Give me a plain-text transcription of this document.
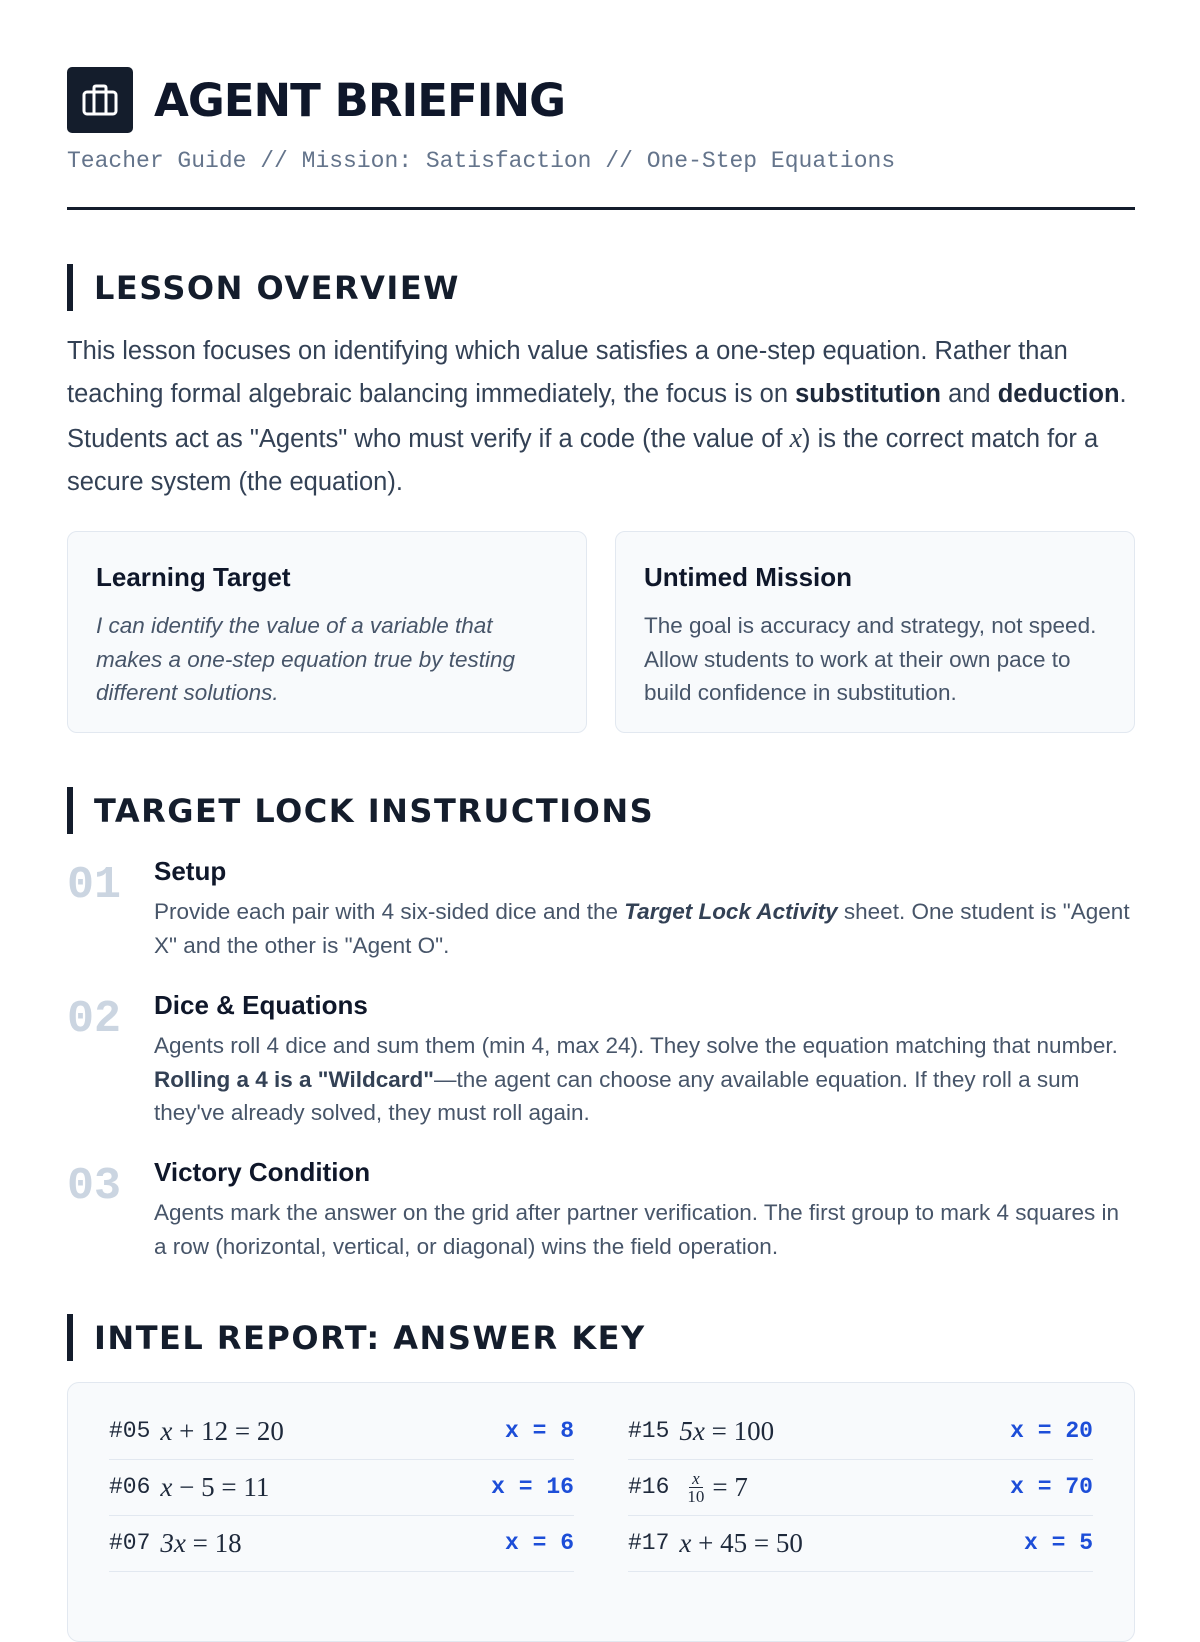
AGENT BRIEFING
Teacher Guide // Mission: Satisfaction // One-Step Equations
LESSON OVERVIEW

This lesson focuses on identifying which value satisfies a one-step equation. Rather than teaching formal algebraic balancing immediately, the focus is on substitution and deduction. Students act as "Agents" who must verify if a code (the value of x) is the correct match for a secure system (the equation).

Learning Target

I can identify the value of a variable that makes a one-step equation true by testing different solutions.

Untimed Mission

The goal is accuracy and strategy, not speed. Allow students to work at their own pace to build confidence in substitution.

TARGET LOCK INSTRUCTIONS
01 Setup

Provide each pair with 4 six-sided dice and the Target Lock Activity sheet. One student is "Agent X" and the other is "Agent O".

02 Dice & Equations

Agents roll 4 dice and sum them (min 4, max 24). They solve the equation matching that number. Rolling a 4 is a "Wildcard"—the agent can choose any available equation. If they roll a sum they've already solved, they must roll again.

03 Victory Condition

Agents mark the answer on the grid after partner verification. The first group to mark 4 squares in a row (horizontal, vertical, or diagonal) wins the field operation.

INTEL REPORT: ANSWER KEY
#05 x + 12 = 20	x = 8
#06 x − 5 = 11	x = 16
#07 3x = 18	x = 6
#15 5x = 100	x = 20
#16 $\frac{x}{10} = 7$	x = 70
#17 x + 45 = 50	x = 5
